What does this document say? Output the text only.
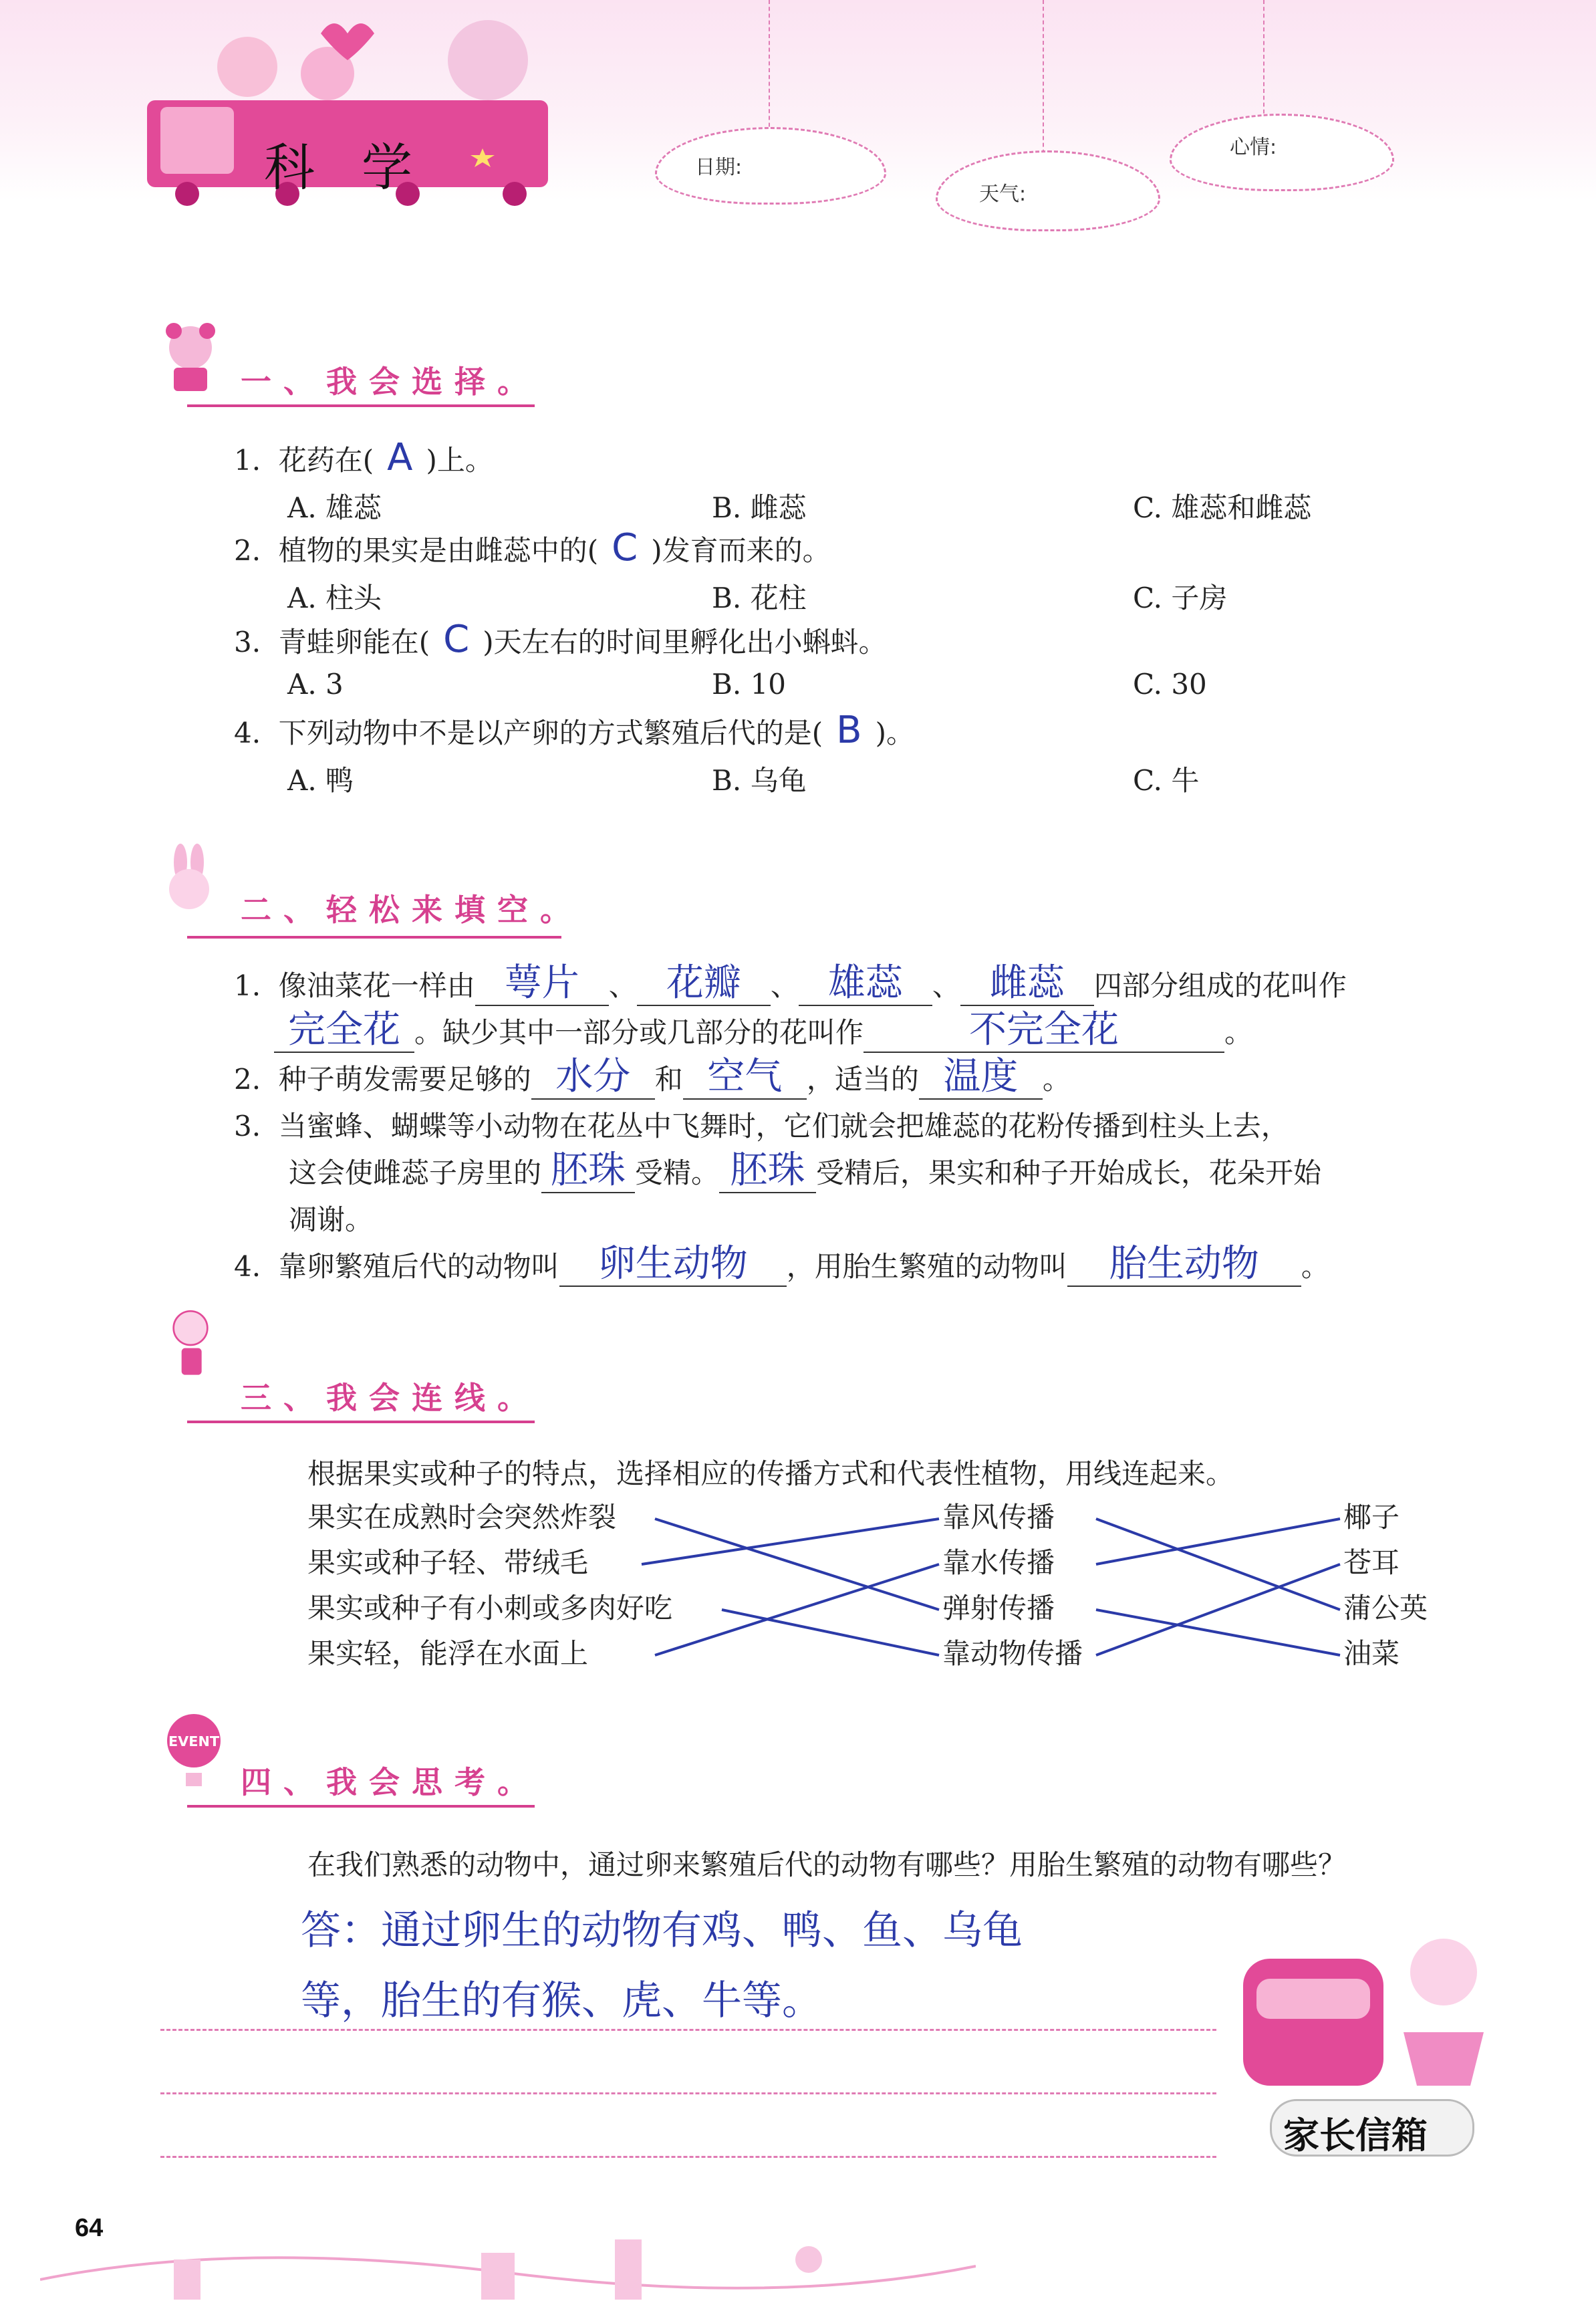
科学	日期:
天气:
心情:
一、我会选择。
1. 花药在( A )上。
A. 雄蕊	B. 雌蕊	C. 雄蕊和雌蕊
2. 植物的果实是由雌蕊中的( C )发育而来的。
A. 柱头	B. 花柱	C. 子房
3. 青蛙卵能在( C )天左右的时间里孵化出小蝌蚪。
A. 3	B. 10	C. 30
4. 下列动物中不是以产卵的方式繁殖后代的是( B )。
A. 鸭	B. 乌龟	C. 牛
二、轻松来填空。
1. 像油菜花一样由 萼片 、 花瓣 、 雄蕊 、 雌蕊 四部分组成的花叫作
完全花 。缺少其中一部分或几部分的花叫作	不完全花	。
2. 种子萌发需要足够的 水分 和 空气 ，适当的 温度 。
3. 当蜜蜂、蝴蝶等小动物在花丛中飞舞时，它们就会把雄蕊的花粉传播到柱头上去，
这会使雌蕊子房里的 胚珠 受精。 胚珠 受精后，果实和种子开始成长，花朵开始
凋谢。
4. 靠卵繁殖后代的动物叫 卵生动物 ，用胎生繁殖的动物叫 胎生动物 。
三、我会连线。
根据果实或种子的特点，选择相应的传播方式和代表性植物，用线连起来。
果实在成熟时会突然炸裂
果实或种子轻、带绒毛
果实或种子有小刺或多肉好吃
果实轻，能浮在水面上
靠风传播
靠水传播
弹射传播
靠动物传播
椰子
苍耳
蒲公英
油菜
EVENT
四、我会思考。
在我们熟悉的动物中，通过卵来繁殖后代的动物有哪些？用胎生繁殖的动物有哪些？
答：通过卵生的动物有鸡、鸭、鱼、乌龟
等，胎生的有猴、虎、牛等。
家长信箱
64
